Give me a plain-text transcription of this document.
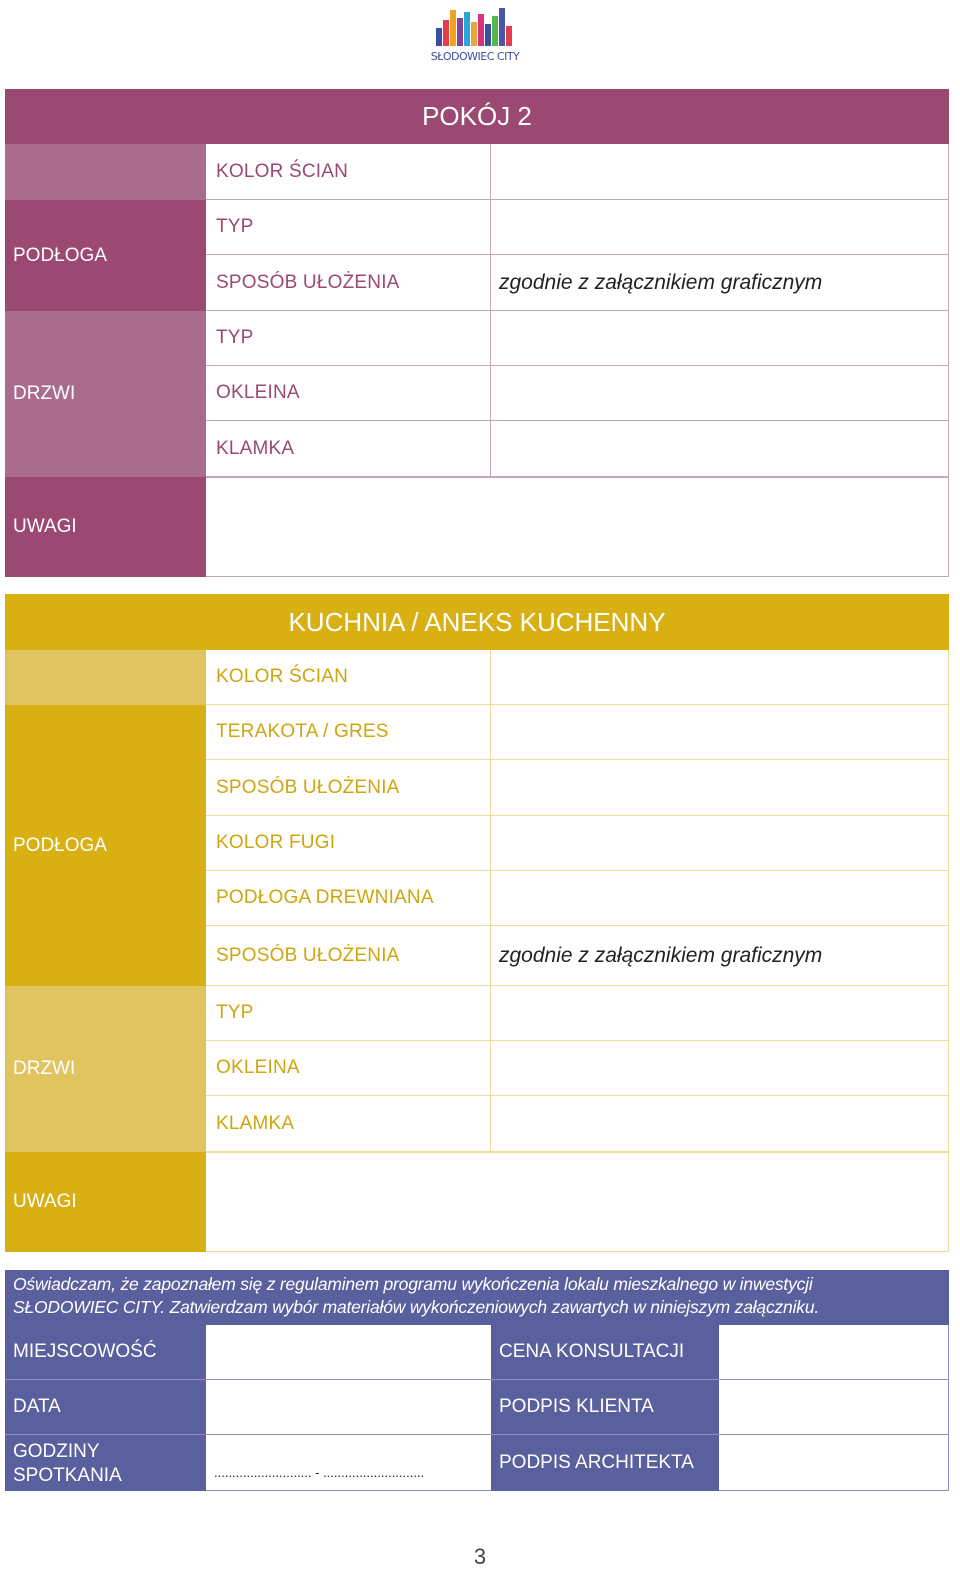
SŁODOWIEC CITY
POKÓJ 2
PODŁOGA
DRZWI
UWAGI
KOLOR ŚCIAN
TYP
SPOSÓB UŁOŻENIA
TYP
OKLEINA
KLAMKA
zgodnie z załącznikiem graficznym
KUCHNIA / ANEKS KUCHENNY
PODŁOGA
DRZWI
UWAGI
KOLOR ŚCIAN
TERAKOTA / GRES
SPOSÓB UŁOŻENIA
KOLOR FUGI
PODŁOGA DREWNIANA
SPOSÓB UŁOŻENIA
TYP
OKLEINA
KLAMKA
zgodnie z załącznikiem graficznym
Oświadczam, że zapoznałem się z regulaminem programu wykończenia lokalu mieszkalnego w inwestycji
SŁODOWIEC CITY. Zatwierdzam wybór materiałów wykończeniowych zawartych w niniejszym załączniku.
MIEJSCOWOŚĆ
DATA
GODZINY
SPOTKANIA	........................... - ............................
CENA KONSULTACJI
PODPIS KLIENTA
PODPIS ARCHITEKTA
3
